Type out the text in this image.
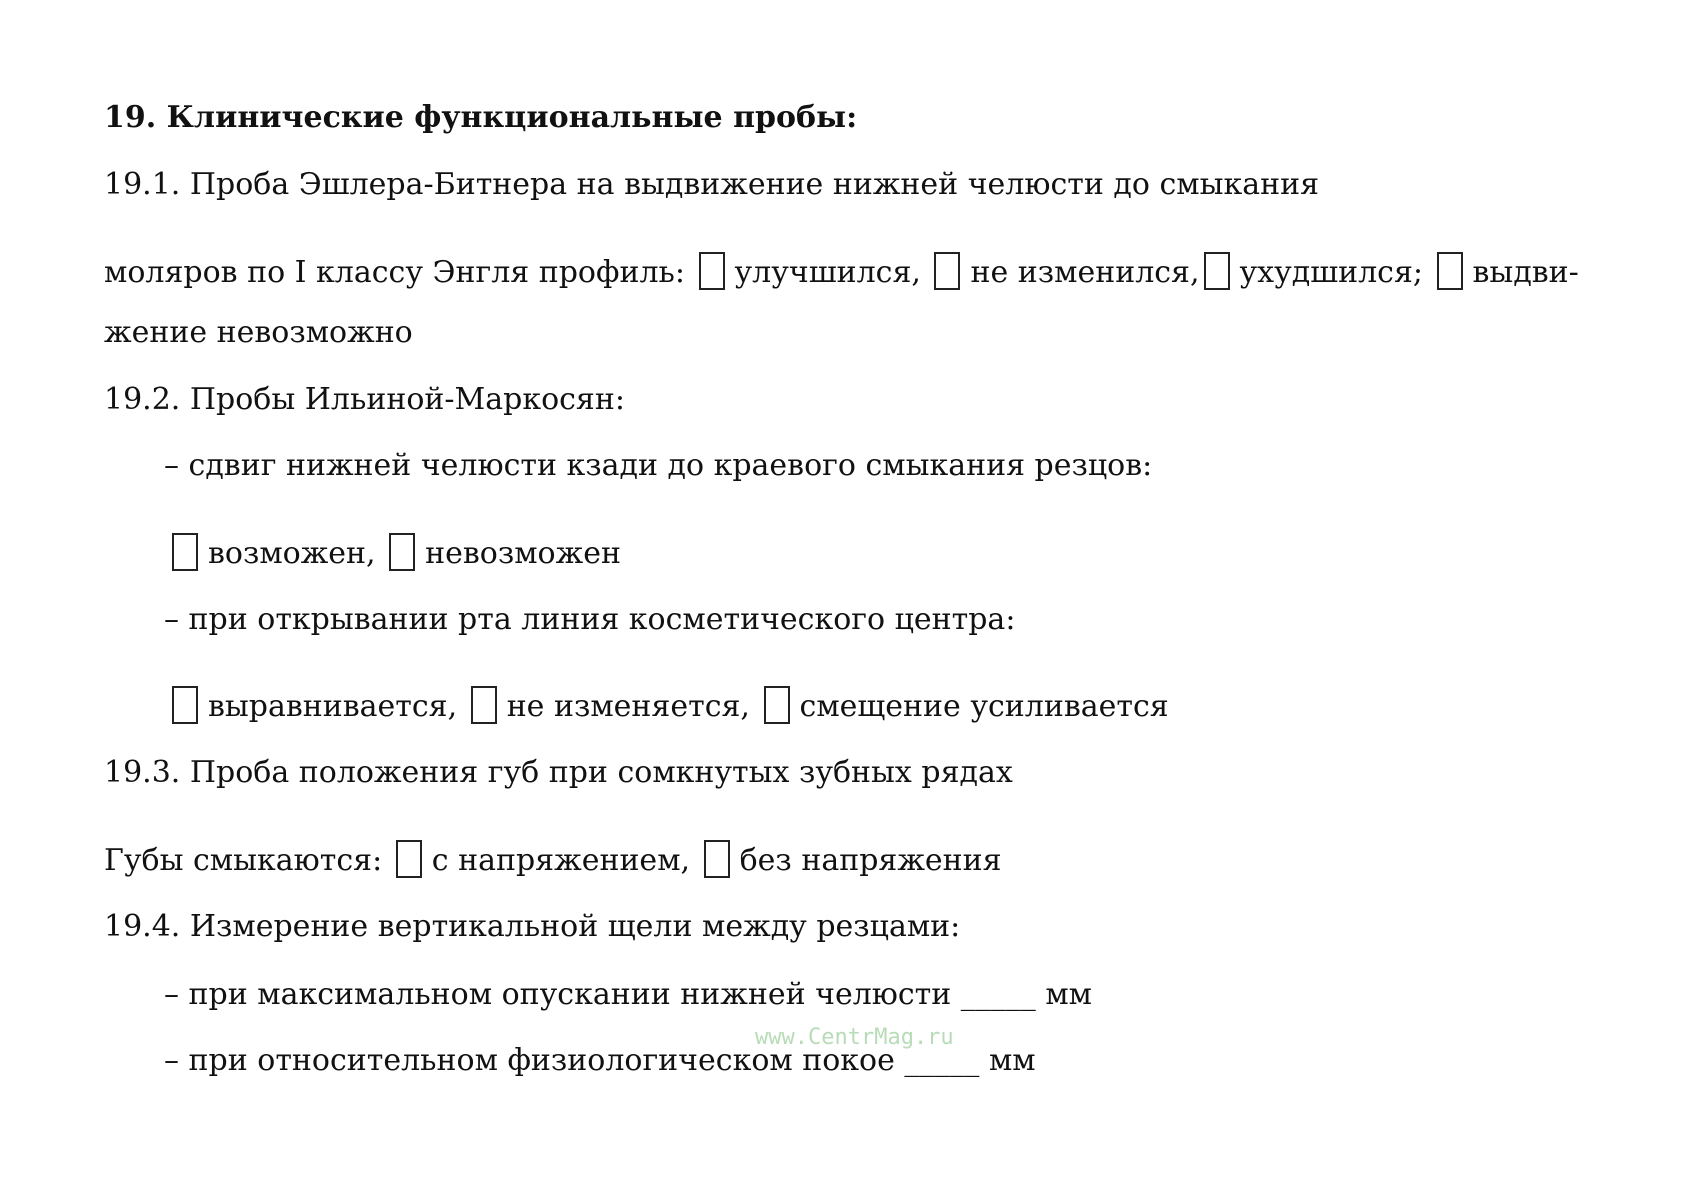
19. Клинические функциональные пробы:
19.1. Проба Эшлера-Битнера на выдвижение нижней челюсти до смыкания
моляров по I классу Энгля профиль: улучшился, не изменился, ухудшился; выдви-
жение невозможно
19.2. Пробы Ильиной-Маркосян:
– сдвиг нижней челюсти кзади до краевого смыкания резцов:
возможен, невозможен
– при открывании рта линия косметического центра:
выравнивается, не изменяется, смещение усиливается
19.3. Проба положения губ при сомкнутых зубных рядах
Губы смыкаются: с напряжением, без напряжения
19.4. Измерение вертикальной щели между резцами:
– при максимальном опускании нижней челюсти _____ мм
www.CentrMag.ru
– при относительном физиологическом покое _____ мм
